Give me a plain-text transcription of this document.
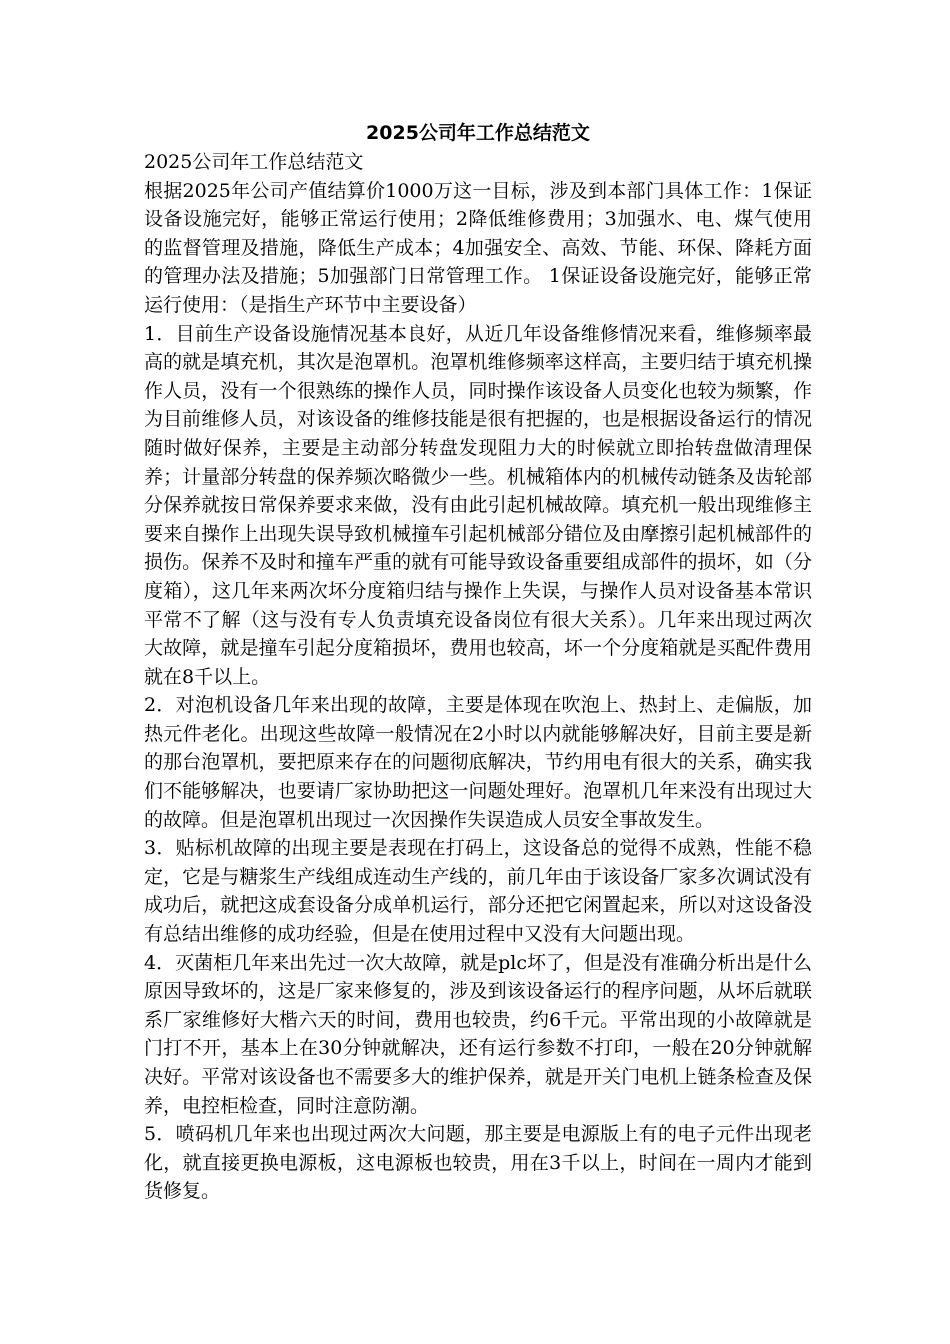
2025公司年工作总结范文

2025公司年工作总结范文

根据2025年公司产值结算价1000万这一目标，涉及到本部门具体工作：1保证设备设施完好，能够正常运行使用；2降低维修费用；3加强水、电、煤气使用的监督管理及措施，降低生产成本；4加强安全、高效、节能、环保、降耗方面的管理办法及措施；5加强部门日常管理工作。 1保证设备设施完好，能够正常运行使用：（是指生产环节中主要设备）

1．目前生产设备设施情况基本良好，从近几年设备维修情况来看，维修频率最高的就是填充机，其次是泡罩机。泡罩机维修频率这样高，主要归结于填充机操作人员，没有一个很熟练的操作人员，同时操作该设备人员变化也较为频繁，作为目前维修人员，对该设备的维修技能是很有把握的，也是根据设备运行的情况随时做好保养，主要是主动部分转盘发现阻力大的时候就立即抬转盘做清理保养；计量部分转盘的保养频次略微少一些。机械箱体内的机械传动链条及齿轮部分保养就按日常保养要求来做，没有由此引起机械故障。填充机一般出现维修主要来自操作上出现失误导致机械撞车引起机械部分错位及由摩擦引起机械部件的损伤。保养不及时和撞车严重的就有可能导致设备重要组成部件的损坏，如（分度箱），这几年来两次坏分度箱归结与操作上失误，与操作人员对设备基本常识平常不了解（这与没有专人负责填充设备岗位有很大关系）。几年来出现过两次大故障，就是撞车引起分度箱损坏，费用也较高，坏一个分度箱就是买配件费用就在8千以上。

2．对泡机设备几年来出现的故障，主要是体现在吹泡上、热封上、走偏版，加热元件老化。出现这些故障一般情况在2小时以内就能够解决好，目前主要是新的那台泡罩机，要把原来存在的问题彻底解决，节约用电有很大的关系，确实我们不能够解决，也要请厂家协助把这一问题处理好。泡罩机几年来没有出现过大的故障。但是泡罩机出现过一次因操作失误造成人员安全事故发生。

3．贴标机故障的出现主要是表现在打码上，这设备总的觉得不成熟，性能不稳定，它是与糖浆生产线组成连动生产线的，前几年由于该设备厂家多次调试没有成功后，就把这成套设备分成单机运行，部分还把它闲置起来，所以对这设备没有总结出维修的成功经验，但是在使用过程中又没有大问题出现。

4．灭菌柜几年来出先过一次大故障，就是plc坏了，但是没有准确分析出是什么原因导致坏的，这是厂家来修复的，涉及到该设备运行的程序问题，从坏后就联系厂家维修好大楷六天的时间，费用也较贵，约6千元。平常出现的小故障就是门打不开，基本上在30分钟就解决，还有运行参数不打印，一般在20分钟就解决好。平常对该设备也不需要多大的维护保养，就是开关门电机上链条检查及保养，电控柜检查，同时注意防潮。

5．喷码机几年来也出现过两次大问题，那主要是电源版上有的电子元件出现老化，就直接更换电源板，这电源板也较贵，用在3千以上，时间在一周内才能到货修复。
